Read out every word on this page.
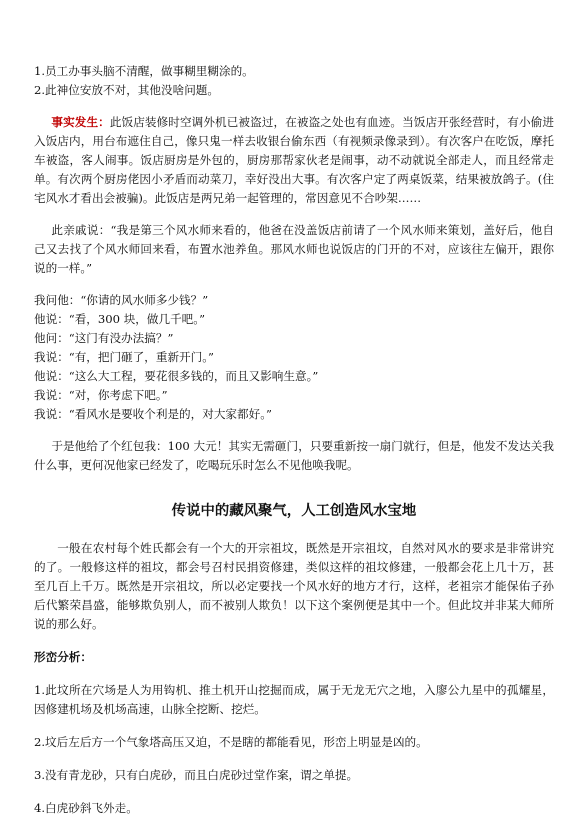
1.员工办事头脑不清醒，做事糊里糊涂的。

2.此神位安放不对，其他没啥问题。

事实发生：此饭店装修时空调外机已被盗过，在被盗之处也有血迹。当饭店开张经营时，有小偷进入饭店内，用台布遮住自己，像只鬼一样去收银台偷东西（有视频录像录到）。有次客户在吃饭，摩托车被盗，客人闹事。饭店厨房是外包的，厨房那帮家伙老是闹事，动不动就说全部走人，而且经常走单。有次两个厨房佬因小矛盾而动菜刀，幸好没出大事。有次客户定了两桌饭菜，结果被放鸽子。(住宅风水才看出会被骗)。此饭店是两兄弟一起管理的，常因意见不合吵架……

此亲戚说：“我是第三个风水师来看的，他爸在没盖饭店前请了一个风水师来策划，盖好后，他自己又去找了个风水师回来看，布置水池养鱼。那风水师也说饭店的门开的不对，应该往左偏开，跟你说的一样。”

我问他：“你请的风水师多少钱？”

他说：“看，300 块，做几千吧。”

他问：“这门有没办法搞？”

我说：“有，把门砸了，重新开门。”

他说：“这么大工程，要花很多钱的，而且又影响生意。”

我说：“对，你考虑下吧。”

我说：“看风水是要收个利是的，对大家都好。”

于是他给了个红包我：100 大元！其实无需砸门，只要重新按一扇门就行，但是，他发不发达关我什么事，更何况他家已经发了，吃喝玩乐时怎么不见他唤我呢。

传说中的藏风聚气，人工创造风水宝地

一般在农村每个姓氏都会有一个大的开宗祖坟，既然是开宗祖坟，自然对风水的要求是非常讲究的了。一般修这样的祖坟，都会号召村民捐资修建，类似这样的祖坟修建，一般都会花上几十万，甚至几百上千万。既然是开宗祖坟，所以必定要找一个风水好的地方才行，这样，老祖宗才能保佑子孙后代繁荣昌盛，能够欺负别人，而不被别人欺负！以下这个案例便是其中一个。但此坟并非某大师所说的那么好。

形峦分析：

1.此坟所在穴场是人为用钩机、推土机开山挖掘而成，属于无龙无穴之地，入廖公九星中的孤耀星，因修建机场及机场高速，山脉全挖断、挖烂。

2.坟后左后方一个气象塔高压又迫，不是瞎的都能看见，形峦上明显是凶的。

3.没有青龙砂，只有白虎砂，而且白虎砂过堂作案，谓之单提。

4.白虎砂斜飞外走。
